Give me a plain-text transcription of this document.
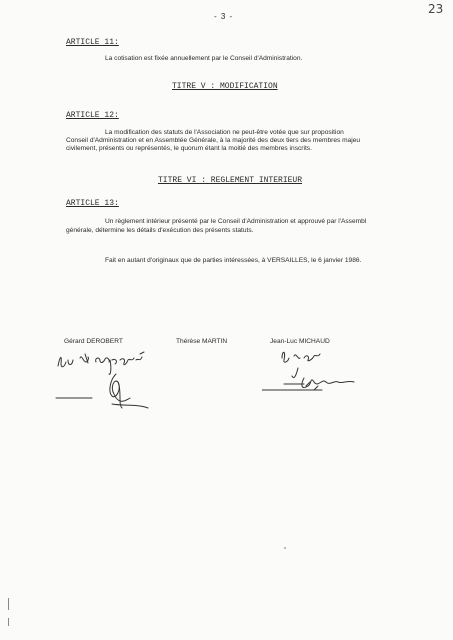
- 3 -
23
ARTICLE 11:
La cotisation est fixée annuellement par le Conseil d'Administration.
TITRE V : MODIFICATION
ARTICLE 12:
La modification des statuts de l'Association ne peut-être votée que sur proposition
Conseil d'Administration et en Assemblée Générale, à la majorité des deux tiers des membres majeu
civilement, présents ou représentés, le quorum étant la moitié des membres inscrits.
TITRE VI : REGLEMENT INTERIEUR
ARTICLE 13:
Un règlement intérieur présenté par le Conseil d'Administration et approuvé par l'Assembl
générale, détermine les détails d'exécution des présents statuts.
Fait en autant d'originaux que de parties intéressées, à VERSAILLES, le 6 janvier 1986.
Gérard DEROBERT	Thérèse MARTIN	Jean-Luc MICHAUD
